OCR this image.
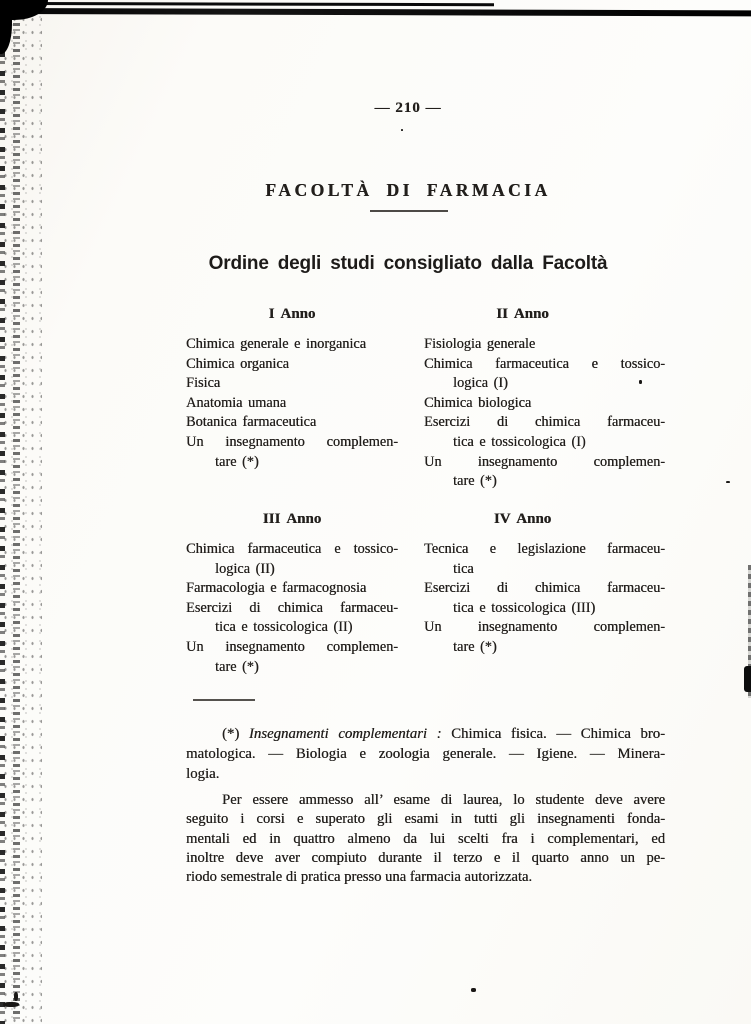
— 210 —
FACOLTÀ DI FARMACIA
Ordine degli studi consigliato dalla Facoltà
I Anno
Chimica generale e inorganica
Chimica organica
Fisica
Anatomia umana
Botanica farmaceutica
Un insegnamento complemen-
tare (*)
II Anno
Fisiologia generale
Chimica farmaceutica e tossico-
logica (I)
Chimica biologica
Esercizi di chimica farmaceu-
tica e tossicologica (I)
Un insegnamento complemen-
tare (*)
III Anno
Chimica farmaceutica e tossico-
logica (II)
Farmacologia e farmacognosia
Esercizi di chimica farmaceu-
tica e tossicologica (II)
Un insegnamento complemen-
tare (*)
IV Anno
Tecnica e legislazione farmaceu-
tica
Esercizi di chimica farmaceu-
tica e tossicologica (III)
Un insegnamento complemen-
tare (*)
(*) Insegnamenti complementari : Chimica fisica. — Chimica bro-
matologica. — Biologia e zoologia generale. — Igiene. — Minera-
logia.
Per essere ammesso all’ esame di laurea, lo studente deve avere
seguito i corsi e superato gli esami in tutti gli insegnamenti fonda-
mentali ed in quattro almeno da lui scelti fra i complementari, ed
inoltre deve aver compiuto durante il terzo e il quarto anno un pe-
riodo semestrale di pratica presso una farmacia autorizzata.
